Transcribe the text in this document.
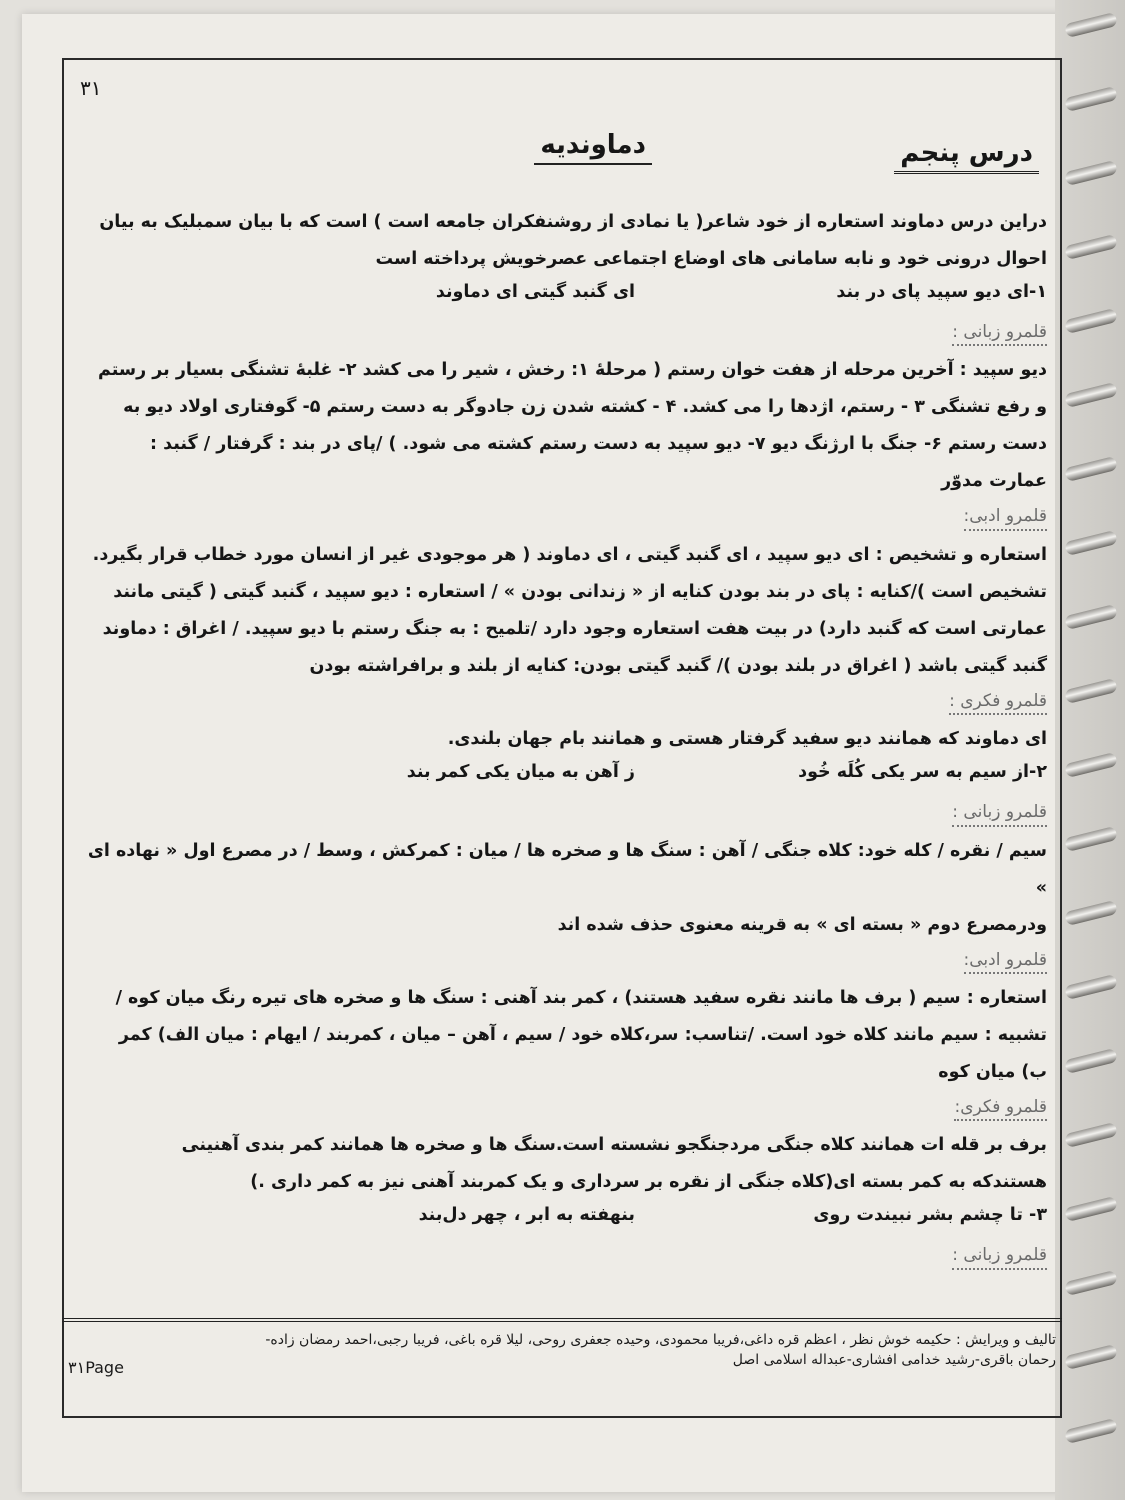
۳۱
درس پنجم
دماوندیه

دراین درس دماوند استعاره از خود شاعر( یا نمادی از روشنفکران جامعه است ) است که با بیان سمبلیک به بیان

احوال درونی خود و نابه سامانی های اوضاع اجتماعی عصرخویش پرداخته است

۱-ای دیو سپید پای در بند
ای گنبد گیتی ای دماوند
قلمرو زبانی :

دیو سپید : آخرین مرحله از هفت خوان رستم ( مرحلهٔ ۱: رخش ، شیر را می کشد ۲- غلبهٔ تشنگی بسیار بر رستم

و رفع تشنگی ۳ - رستم، اژدها را می کشد. ۴ - کشته شدن زن جادوگر به دست رستم ۵- گوفتاری اولاد دیو به

دست رستم ۶- جنگ با ارژنگ دیو ۷- دیو سپید به دست رستم کشته می شود. ) /پای در بند : گرفتار / گنبد :

عمارت مدوّر

قلمرو ادبی:

استعاره و تشخیص : ای دیو سپید ، ای گنبد گیتی ، ای دماوند ( هر موجودی غیر از انسان مورد خطاب قرار بگیرد.

تشخیص است )/کنایه : پای در بند بودن کنایه از « زندانی بودن » / استعاره : دیو سپید ، گنبد گیتی ( گیتی مانند

عمارتی است که گنبد دارد) در بیت هفت استعاره وجود دارد /تلمیح : به جنگ رستم با دیو سپید. / اغراق : دماوند

گنبد گیتی باشد ( اغراق در بلند بودن )/ گنبد گیتی بودن: کنایه از بلند و برافراشته بودن

قلمرو فکری :

ای دماوند که همانند دیو سفید گرفتار هستی و همانند بام جهان بلندی.

۲-از سیم به سر یکی کُلَه خُود
ز آهن به میان یکی کمر بند
قلمرو زبانی :

سیم / نقره / کله خود: کلاه جنگی / آهن : سنگ ها و صخره ها / میان : کمرکش ، وسط / در مصرع اول « نهاده ای »

ودرمصرع دوم « بسته ای » به قرینه معنوی حذف شده اند

قلمرو ادبی:

استعاره : سیم ( برف ها مانند نقره سفید هستند) ، کمر بند آهنی : سنگ ها و صخره های تیره رنگ میان کوه /

تشبیه : سیم مانند کلاه خود است. /تناسب: سر،کلاه خود / سیم ، آهن – میان ، کمربند / ایهام : میان الف) کمر

ب) میان کوه

قلمرو فکری:

برف بر قله ات همانند کلاه جنگی مردجنگجو نشسته است.سنگ ها و صخره ها همانند کمر بندی آهنینی

هستندکه به کمر بسته ای(کلاه جنگی از نقره بر سرداری و یک کمربند آهنی نیز به کمر داری .)

۳- تا چشم بشر نبیندت روی
بنهفته به ابر ، چهر دل‌بند
قلمرو زبانی :

تالیف و ویرایش : حکیمه خوش نظر ، اعظم قره داغی،فریبا محمودی، وحیده جعفری روحی، لیلا قره باغی، فریبا رجبی،احمد رمضان زاده-

رحمان باقری-رشید خدامی افشاری-عبداله اسلامی اصل

۳۱Page
